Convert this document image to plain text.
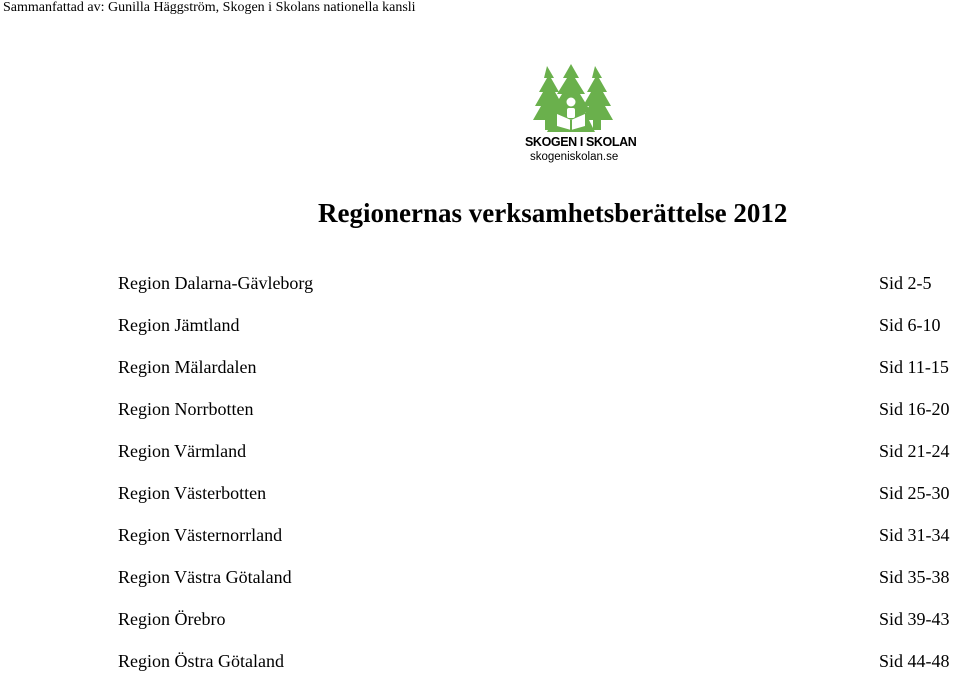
Sammanfattad av: Gunilla Häggström, Skogen i Skolans nationella kansli
SKOGEN I SKOLAN
skogeniskolan.se
Regionernas verksamhetsberättelse 2012
Region Dalarna-Gävleborg	Sid 2-5
Region Jämtland	Sid 6-10
Region Mälardalen	Sid 11-15
Region Norrbotten	Sid 16-20
Region Värmland	Sid 21-24
Region Västerbotten	Sid 25-30
Region Västernorrland	Sid 31-34
Region Västra Götaland	Sid 35-38
Region Örebro	Sid 39-43
Region Östra Götaland	Sid 44-48
